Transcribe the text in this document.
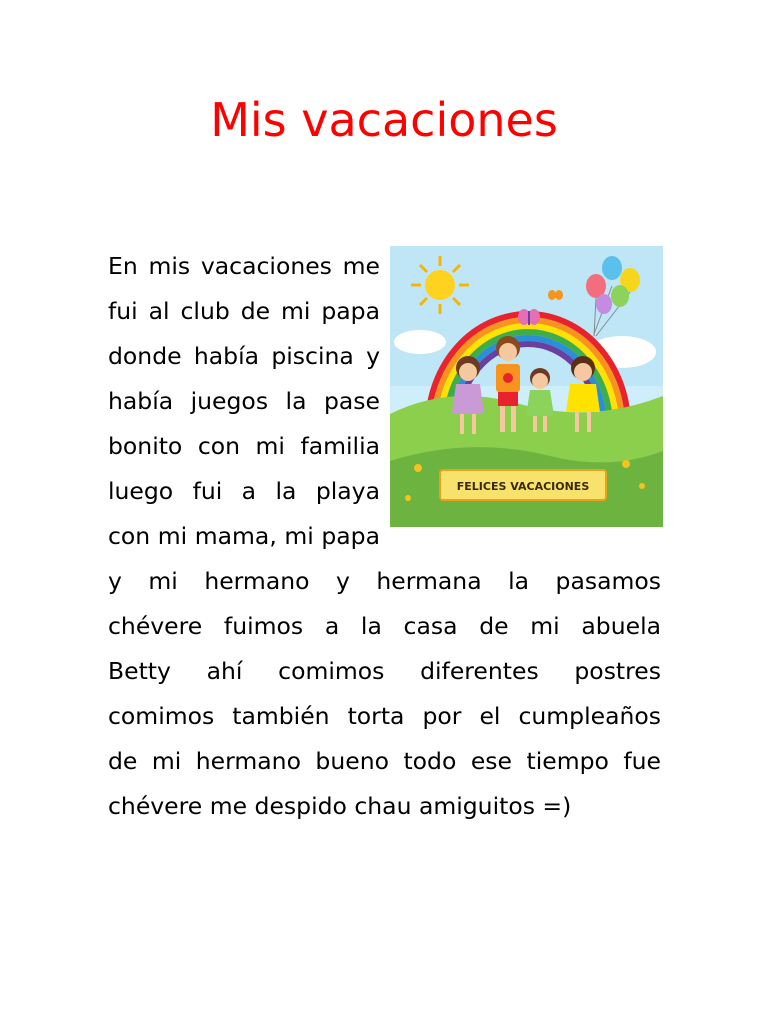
Mis vacaciones
En mis vacaciones me
fui al club de mi papa
donde había piscina y
había juegos la pase
bonito con mi familia
luego fui a la playa
con mi mama, mi papa
y mi hermano y hermana la pasamos
chévere fuimos a la casa de mi abuela
Betty ahí comimos diferentes postres
comimos también torta por el cumpleaños
de mi hermano bueno todo ese tiempo fue
chévere me despido chau amiguitos =)
FELICES VACACIONES
